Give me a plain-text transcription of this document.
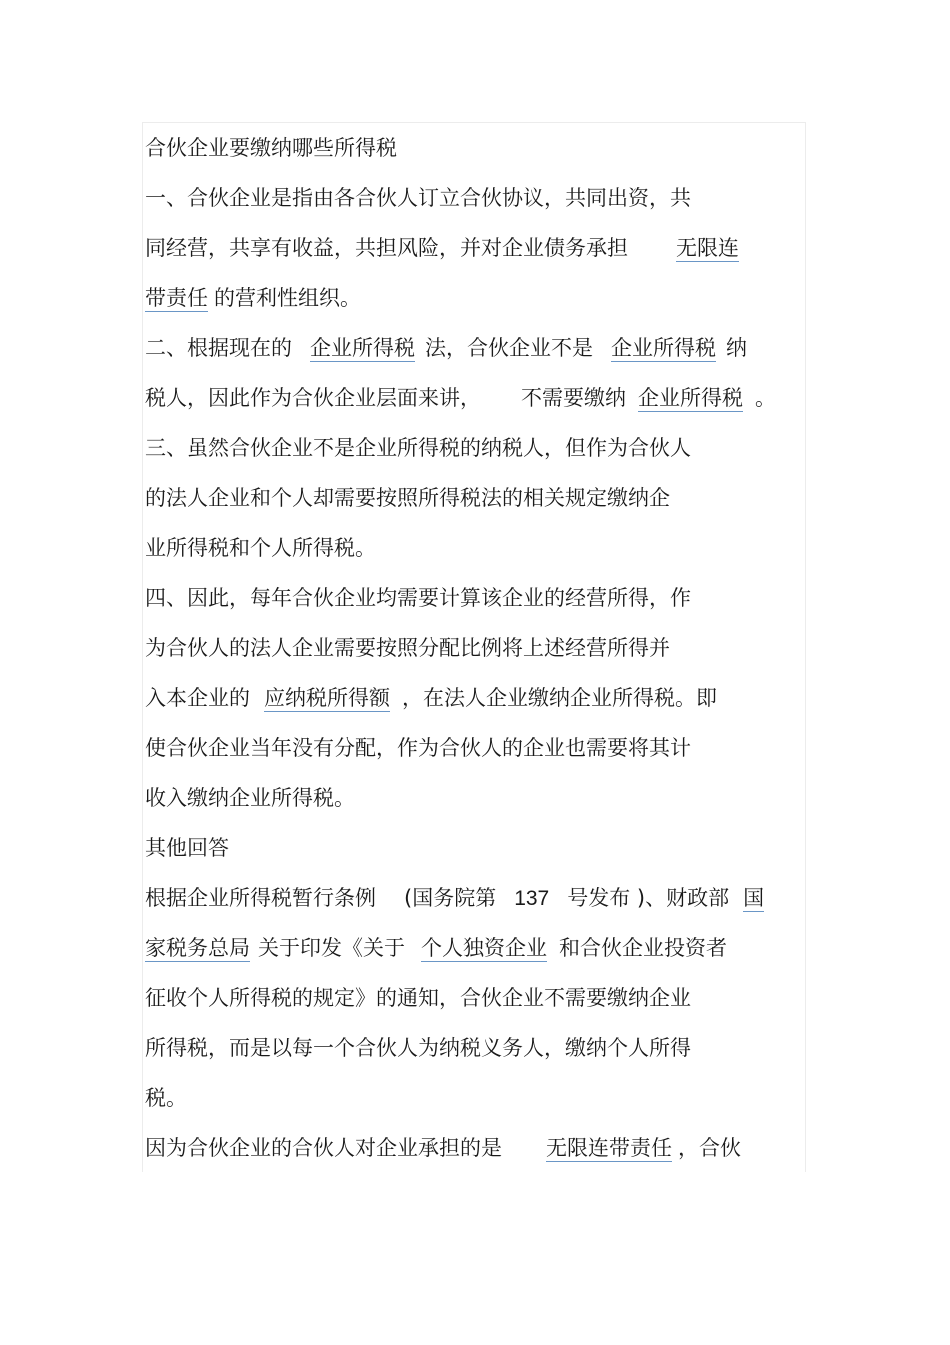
合伙企业要缴纳哪些所得税
一、合伙企业是指由各合伙人订立合伙协议，共同出资，共
同经营，共享有收益，共担风险，并对企业债务承担 无限连
带责任 的营利性组织。
二、根据现在的 企业所得税 法，合伙企业不是 企业所得税 纳
税人，因此作为合伙企业层面来讲， 不需要缴纳 企业所得税 。
三、虽然合伙企业不是企业所得税的纳税人，但作为合伙人
的法人企业和个人却需要按照所得税法的相关规定缴纳企
业所得税和个人所得税。
四、因此，每年合伙企业均需要计算该企业的经营所得，作
为合伙人的法人企业需要按照分配比例将上述经营所得并
入本企业的 应纳税所得额 ，在法人企业缴纳企业所得税。即
使合伙企业当年没有分配，作为合伙人的企业也需要将其计
收入缴纳企业所得税。
其他回答
根据企业所得税暂行条例 (国务院第 137 号发布 )、财政部 国
家税务总局 关于印发《关于 个人独资企业 和合伙企业投资者
征收个人所得税的规定》的通知，合伙企业不需要缴纳企业
所得税，而是以每一个合伙人为纳税义务人，缴纳个人所得
税。
因为合伙企业的合伙人对企业承担的是 无限连带责任 ，合伙
